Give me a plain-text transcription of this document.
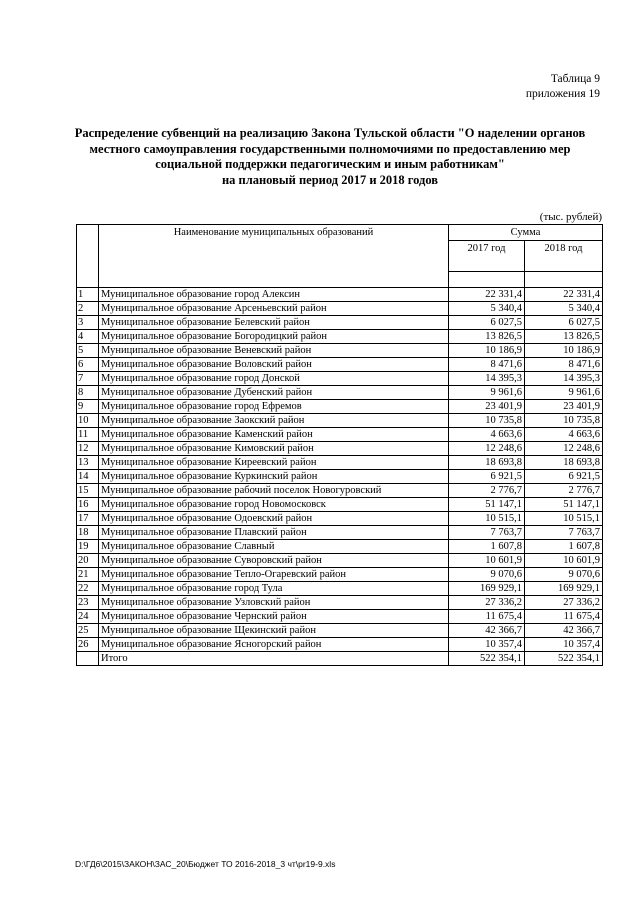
Таблица 9
приложения 19
Распределение субвенций на реализацию Закона Тульской области "О наделении органов
местного самоуправления государственными полномочиями по предоставлению мер
социальной поддержки педагогическим и иным работникам"
на плановый период 2017 и 2018 годов
(тыс. рублей)
	Наименование муниципальных образований	Сумма	
		2017 год	2018 год

1	Муниципальное образование город Алексин	22 331,4	22 331,4
2	Муниципальное образование Арсеньевский район	5 340,4	5 340,4
3	Муниципальное образование Белевский район	6 027,5	6 027,5
4	Муниципальное образование Богородицкий район	13 826,5	13 826,5
5	Муниципальное образование Веневский район	10 186,9	10 186,9
6	Муниципальное образование Воловский район	8 471,6	8 471,6
7	Муниципальное образование город Донской	14 395,3	14 395,3
8	Муниципальное образование Дубенский район	9 961,6	9 961,6
9	Муниципальное образование город Ефремов	23 401,9	23 401,9
10	Муниципальное образование Заокский район	10 735,8	10 735,8
11	Муниципальное образование Каменский район	4 663,6	4 663,6
12	Муниципальное образование Кимовский район	12 248,6	12 248,6
13	Муниципальное образование Киреевский район	18 693,8	18 693,8
14	Муниципальное образование Куркинский район	6 921,5	6 921,5
15	Муниципальное образование рабочий поселок Новогуровский	2 776,7	2 776,7
16	Муниципальное образование город Новомосковск	51 147,1	51 147,1
17	Муниципальное образование Одоевский район	10 515,1	10 515,1
18	Муниципальное образование Плавский район	7 763,7	7 763,7
19	Муниципальное образование Славный	1 607,8	1 607,8
20	Муниципальное образование Суворовский район	10 601,9	10 601,9
21	Муниципальное образование Тепло-Огаревский район	9 070,6	9 070,6
22	Муниципальное образование город Тула	169 929,1	169 929,1
23	Муниципальное образование Узловский район	27 336,2	27 336,2
24	Муниципальное образование Чернский район	11 675,4	11 675,4
25	Муниципальное образование Щекинский район	42 366,7	42 366,7
26	Муниципальное образование Ясногорский район	10 357,4	10 357,4
	Итого	522 354,1	522 354,1
D:\ГД6\2015\ЗАКОН\ЗАС_20\Бюджет ТО 2016-2018_3 чт\pr19-9.xls
